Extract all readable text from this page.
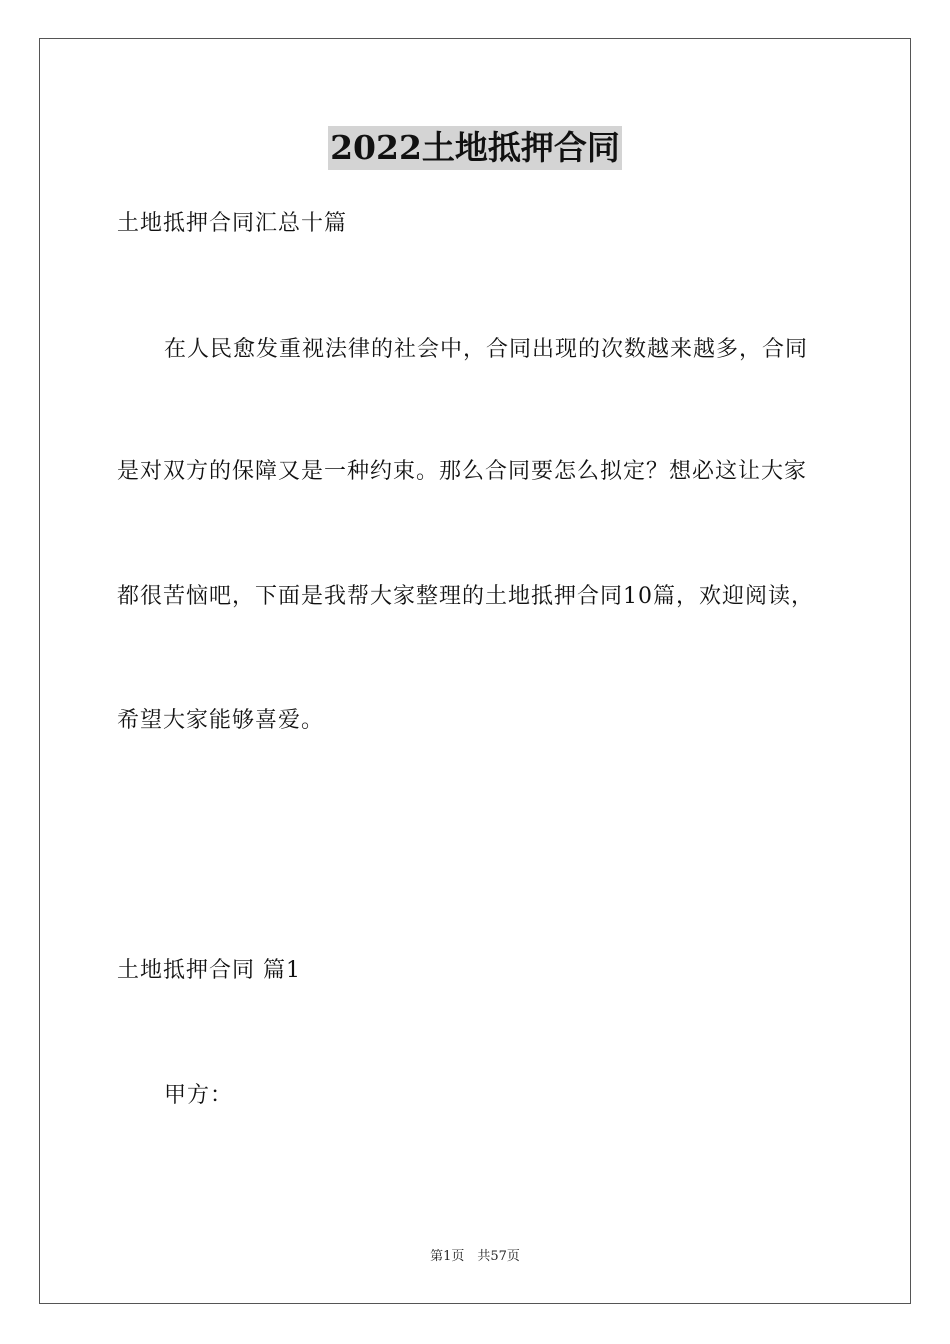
2022土地抵押合同
土地抵押合同汇总十篇
在人民愈发重视法律的社会中，合同出现的次数越来越多，合同
是对双方的保障又是一种约束。那么合同要怎么拟定？想必这让大家
都很苦恼吧，下面是我帮大家整理的土地抵押合同10篇，欢迎阅读，
希望大家能够喜爱。
土地抵押合同 篇1
甲方：
第1页　共57页
